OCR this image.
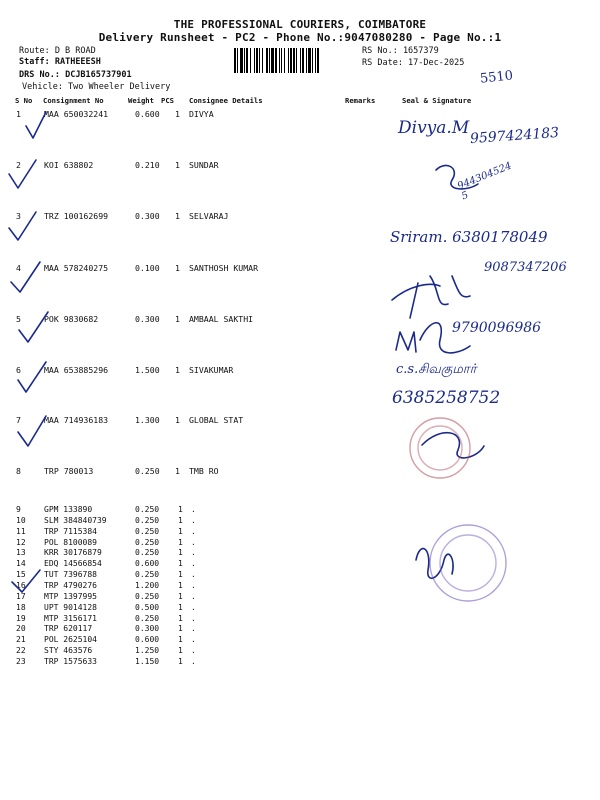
THE PROFESSIONAL COURIERS, COIMBATORE
Delivery Runsheet - PC2 - Phone No.:9047080280 - Page No.:1
Route: D B ROAD
Staff: RATHEEESH
DRS No.: DCJB165737901
Vehicle: Two Wheeler Delivery
RS No.: 1657379
RS Date: 17-Dec-2025
5510
S No Consignment No	Weight PCS Consignee Details	Remarks	Seal & Signature
1	MAA 650032241	0.600 1 DIVYA
2	KOI 638802	0.210 1 SUNDAR
3	TRZ 100162699	0.300 1 SELVARAJ
4	MAA 578240275	0.100 1 SANTHOSH KUMAR
5	POK 9830682	0.300 1 AMBAAL SAKTHI
6	MAA 653885296	1.500 1 SIVAKUMAR
7	MAA 714936183	1.300 1 GLOBAL STAT
8	TRP 780013	0.250 1 TMB RO
9	GPM 133890	0.250 1 .
10 SLM 384840739	0.250 1 .
11 TRP 7115384	0.250 1 .
12 POL 8100089	0.250 1 .
13 KRR 30176879	0.250 1 .
14 EDQ 14566854	0.600 1 .
15 TUT 7396788	0.250 1 .
16 TRP 4790276	1.200 1 .
17 MTP 1397995	0.250 1 .
18 UPT 9014128	0.500 1 .
19 MTP 3156171	0.250 1 .
20 TRP 620117	0.300 1 .
21 POL 2625104	0.600 1 .
22 STY 463576	1.250 1 .
23 TRP 1575633	1.150 1 .
Divya.M 9597424183
9443045245
Sriram. 6380178049
9087347206
9790096986
c.s.சிவகுமார்
6385258752
